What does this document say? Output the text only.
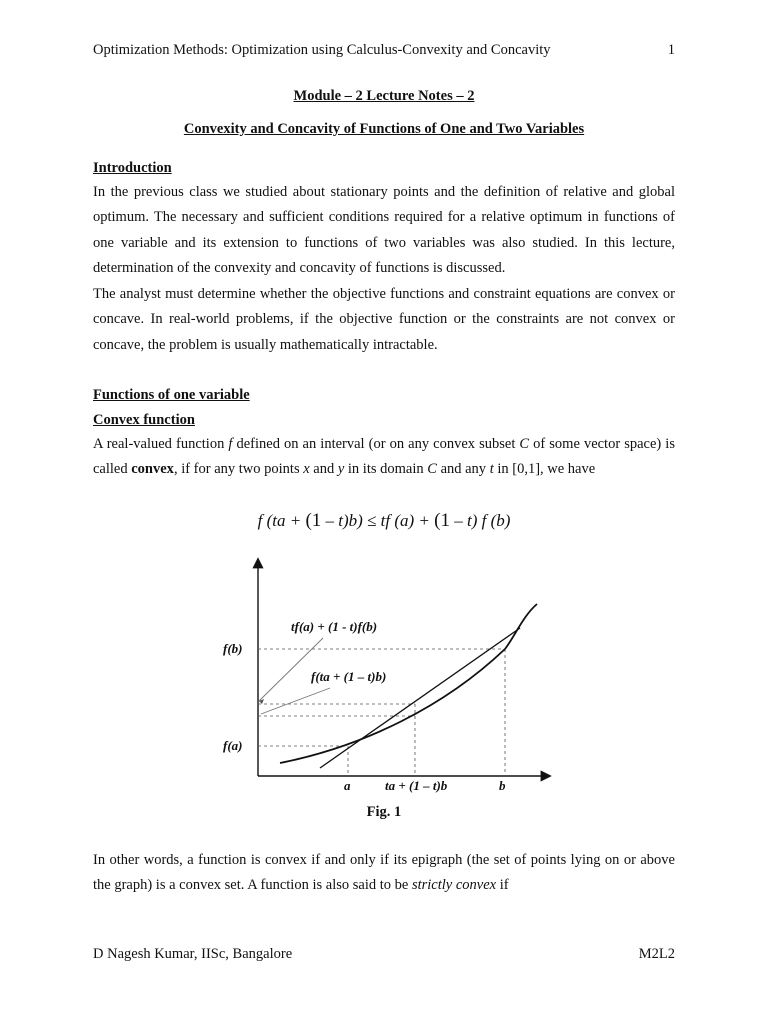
Optimization Methods: Optimization using Calculus-Convexity and Concavity	1
Module – 2 Lecture Notes – 2
Convexity and Concavity of Functions of One and Two Variables
Introduction

In the previous class we studied about stationary points and the definition of relative and global optimum. The necessary and sufficient conditions required for a relative optimum in functions of one variable and its extension to functions of two variables was also studied. In this lecture, determination of the convexity and concavity of functions is discussed.

The analyst must determine whether the objective functions and constraint equations are convex or concave. In real-world problems, if the objective function or the constraints are not convex or concave, the problem is usually mathematically intractable.

Functions of one variable
Convex function

A real-valued function f defined on an interval (or on any convex subset C of some vector space) is called convex, if for any two points x and y in its domain C and any t in [0,1], we have

f (ta + (1 – t)b) ≤ tf (a) + (1 – t) f (b)
tf(a) + (1 - t)f(b)
f(ta + (1 – t)b)
f(b)
f(a)
a	ta + (1 – t)b	b
Fig. 1

In other words, a function is convex if and only if its epigraph (the set of points lying on or above the graph) is a convex set. A function is also said to be strictly convex if

D Nagesh Kumar, IISc, Bangalore	M2L2
